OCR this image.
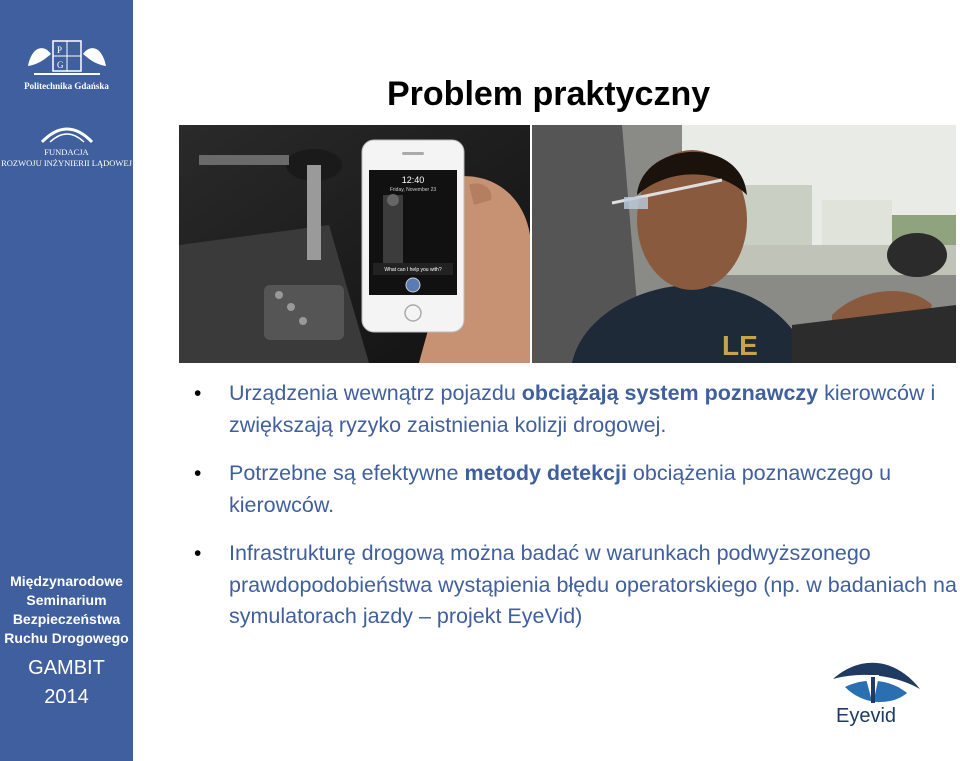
P
G
Politechnika Gdańska
FUNDACJA
ROZWOJU INŻYNIERII LĄDOWEJ
Międzynarodowe
Seminarium
Bezpieczeństwa
Ruchu Drogowego
GAMBIT
2014
Problem praktyczny
12:40
Friday, November 23
What can I help you with?
LE
• Urządzenia wewnątrz pojazdu obciążają system poznawczy kierowców i zwiększają ryzyko zaistnienia kolizji drogowej.
• Potrzebne są efektywne metody detekcji obciążenia poznawczego u kierowców.
• Infrastrukturę drogową można badać w warunkach podwyższonego prawdopodobieństwa wystąpienia błędu operatorskiego (np. w badaniach na symulatorach jazdy – projekt EyeVid)
Eyevid
